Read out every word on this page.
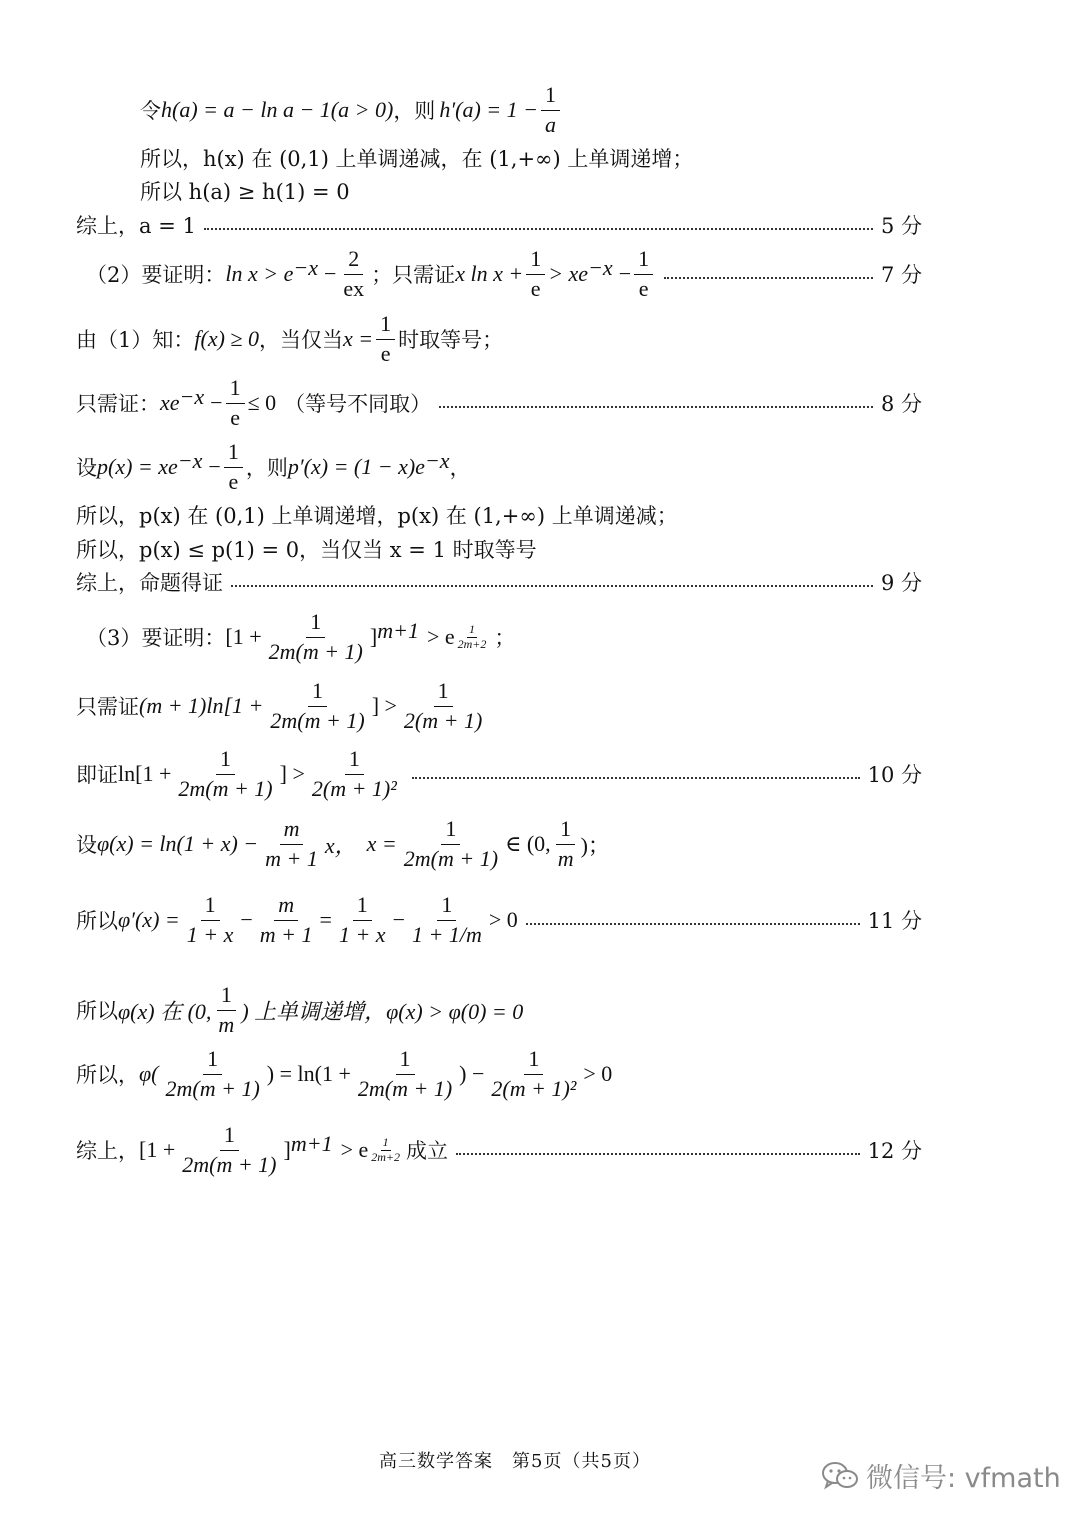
令 h(a) = a − ln a − 1(a > 0) ，则 $h'(a) = 1 - \frac{1}{a}$
所以，h(x) 在 (0,1) 上单调递减，在 (1,+∞) 上单调递增；
所以 h(a) ≥ h(1) = 0
综上，a = 1	5 分
（2）要证明： $\ln x > e^{-x} - \frac{2}{ex}$ ；只需证 x $\ln x + \frac{1}{e} > xe^{-x} - \frac{1}{e}$	7 分
由（1）知： f(x) ≥ 0 ，当仅当 $x = \frac{1}{e}$ 时取等号；
只需证： $xe^{-x} - \frac{1}{e} \le 0$ （等号不同取）	8 分
设 $p(x) = xe^{-x} - \frac{1}{e}$ ，则 $p'(x) = (1 - x)e^{-x}$ ，
所以，p(x) 在 (0,1) 上单调递增，p(x) 在 (1,+∞) 上单调递减；
所以，p(x) ≤ p(1) = 0，当仅当 x = 1 时取等号
综上，命题得证	9 分
（3）要证明： $[1 + \frac{1}{2m(m + 1)} ]^{m+1} > e \frac{1}{2m+2}$ ；
只需证 $(m + 1)\ln[1 + \frac{1}{2m(m + 1)}$ ] > $\frac{1}{2(m + 1)}$
即证 $\ln[1 + \frac{1}{2m(m + 1)}$ ] > $\frac{1}{\text{2(m + 1)²}}$	10 分
设 $\varphi(x) = \ln(1 + x) - \frac{m}{m + 1}$ x， $x = \frac{1}{2m(m + 1)}$ ∈ (0, $\frac{1}{m}$ )；
所以 $\varphi'(x) = \frac{1}{1 + x} - \frac{m}{m + 1} = \frac{1}{1 + x} - \frac{1}{1 + 1/m} > 0$	11 分
所以 φ(x) 在 (0, $\frac{1}{m}$ ) 上单调递增，φ(x) > φ(0) = 0
所以， $\varphi( \frac{1}{2m(m + 1)}$ ) = $\ln(1 + \frac{1}{2m(m + 1)}$ ) − $\frac{1}{\text{2(m + 1)²}} > 0$
综上， $[1 + \frac{1}{2m(m + 1)} ]^{m+1} > e \frac{1}{2m+2}$ 成立	12 分
高三数学答案　第5页（共5页）
微信号: vfmath
